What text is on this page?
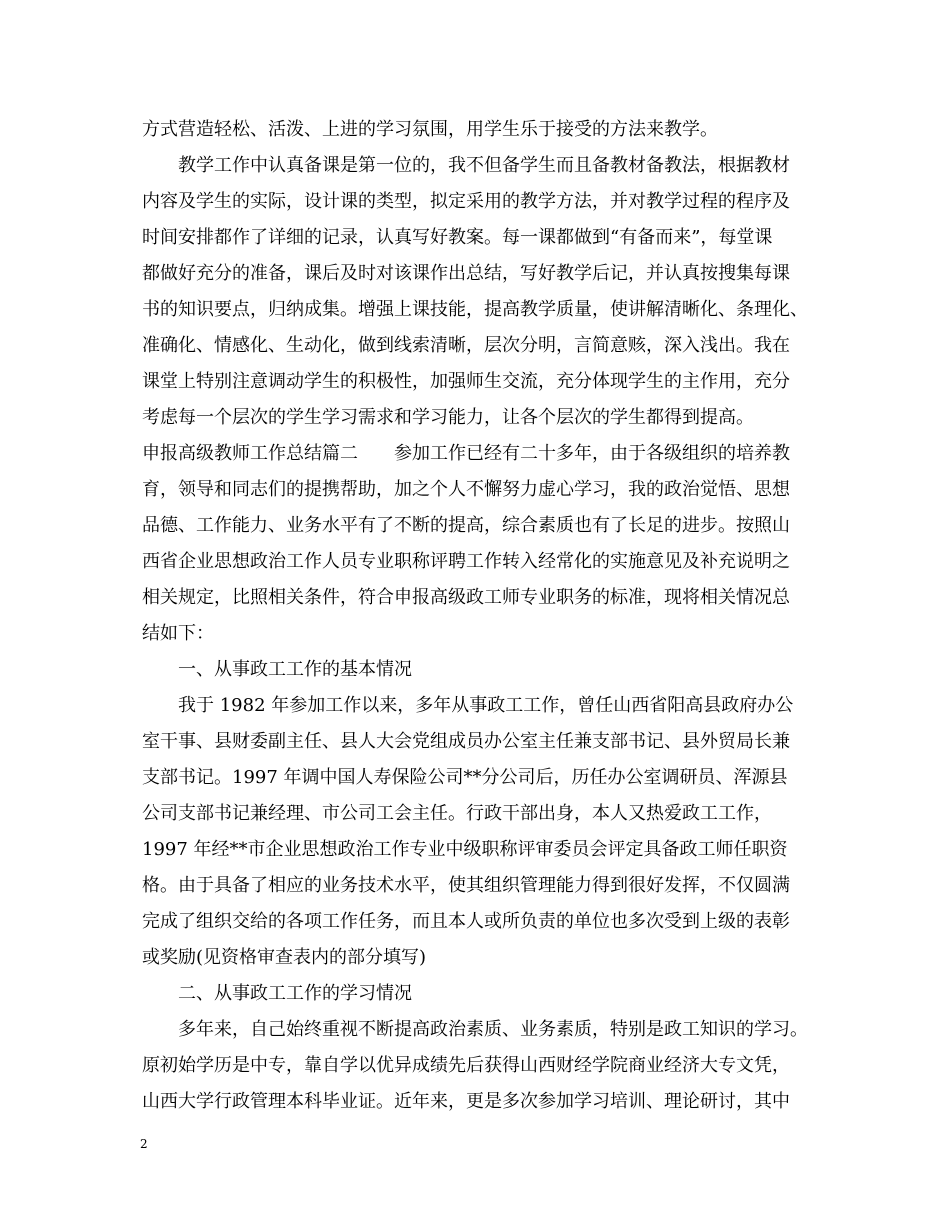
方式营造轻松、活泼、上进的学习氛围，用学生乐于接受的方法来教学。
教学工作中认真备课是第一位的，我不但备学生而且备教材备教法，根据教材
内容及学生的实际，设计课的类型，拟定采用的教学方法，并对教学过程的程序及
时间安排都作了详细的记录，认真写好教案。每一课都做到“有备而来”，每堂课
都做好充分的准备，课后及时对该课作出总结，写好教学后记，并认真按搜集每课
书的知识要点，归纳成集。增强上课技能，提高教学质量，使讲解清晰化、条理化、
准确化、情感化、生动化，做到线索清晰，层次分明，言简意赅，深入浅出。我在
课堂上特别注意调动学生的积极性，加强师生交流，充分体现学生的主作用，充分
考虑每一个层次的学生学习需求和学习能力，让各个层次的学生都得到提高。
申报高级教师工作总结篇二　　参加工作已经有二十多年，由于各级组织的培养教
育，领导和同志们的提携帮助，加之个人不懈努力虚心学习，我的政治觉悟、思想
品德、工作能力、业务水平有了不断的提高，综合素质也有了长足的进步。按照山
西省企业思想政治工作人员专业职称评聘工作转入经常化的实施意见及补充说明之
相关规定，比照相关条件，符合申报高级政工师专业职务的标准，现将相关情况总
结如下：
一、从事政工工作的基本情况
我于 1982 年参加工作以来，多年从事政工工作，曾任山西省阳高县政府办公
室干事、县财委副主任、县人大会党组成员办公室主任兼支部书记、县外贸局长兼
支部书记。1997 年调中国人寿保险公司**分公司后，历任办公室调研员、浑源县
公司支部书记兼经理、市公司工会主任。行政干部出身，本人又热爱政工工作，
1997 年经**市企业思想政治工作专业中级职称评审委员会评定具备政工师任职资
格。由于具备了相应的业务技术水平，使其组织管理能力得到很好发挥，不仅圆满
完成了组织交给的各项工作任务，而且本人或所负责的单位也多次受到上级的表彰
或奖励(见资格审查表内的部分填写)
二、从事政工工作的学习情况
多年来，自己始终重视不断提高政治素质、业务素质，特别是政工知识的学习。
原初始学历是中专，靠自学以优异成绩先后获得山西财经学院商业经济大专文凭，
山西大学行政管理本科毕业证。近年来，更是多次参加学习培训、理论研讨，其中
2
